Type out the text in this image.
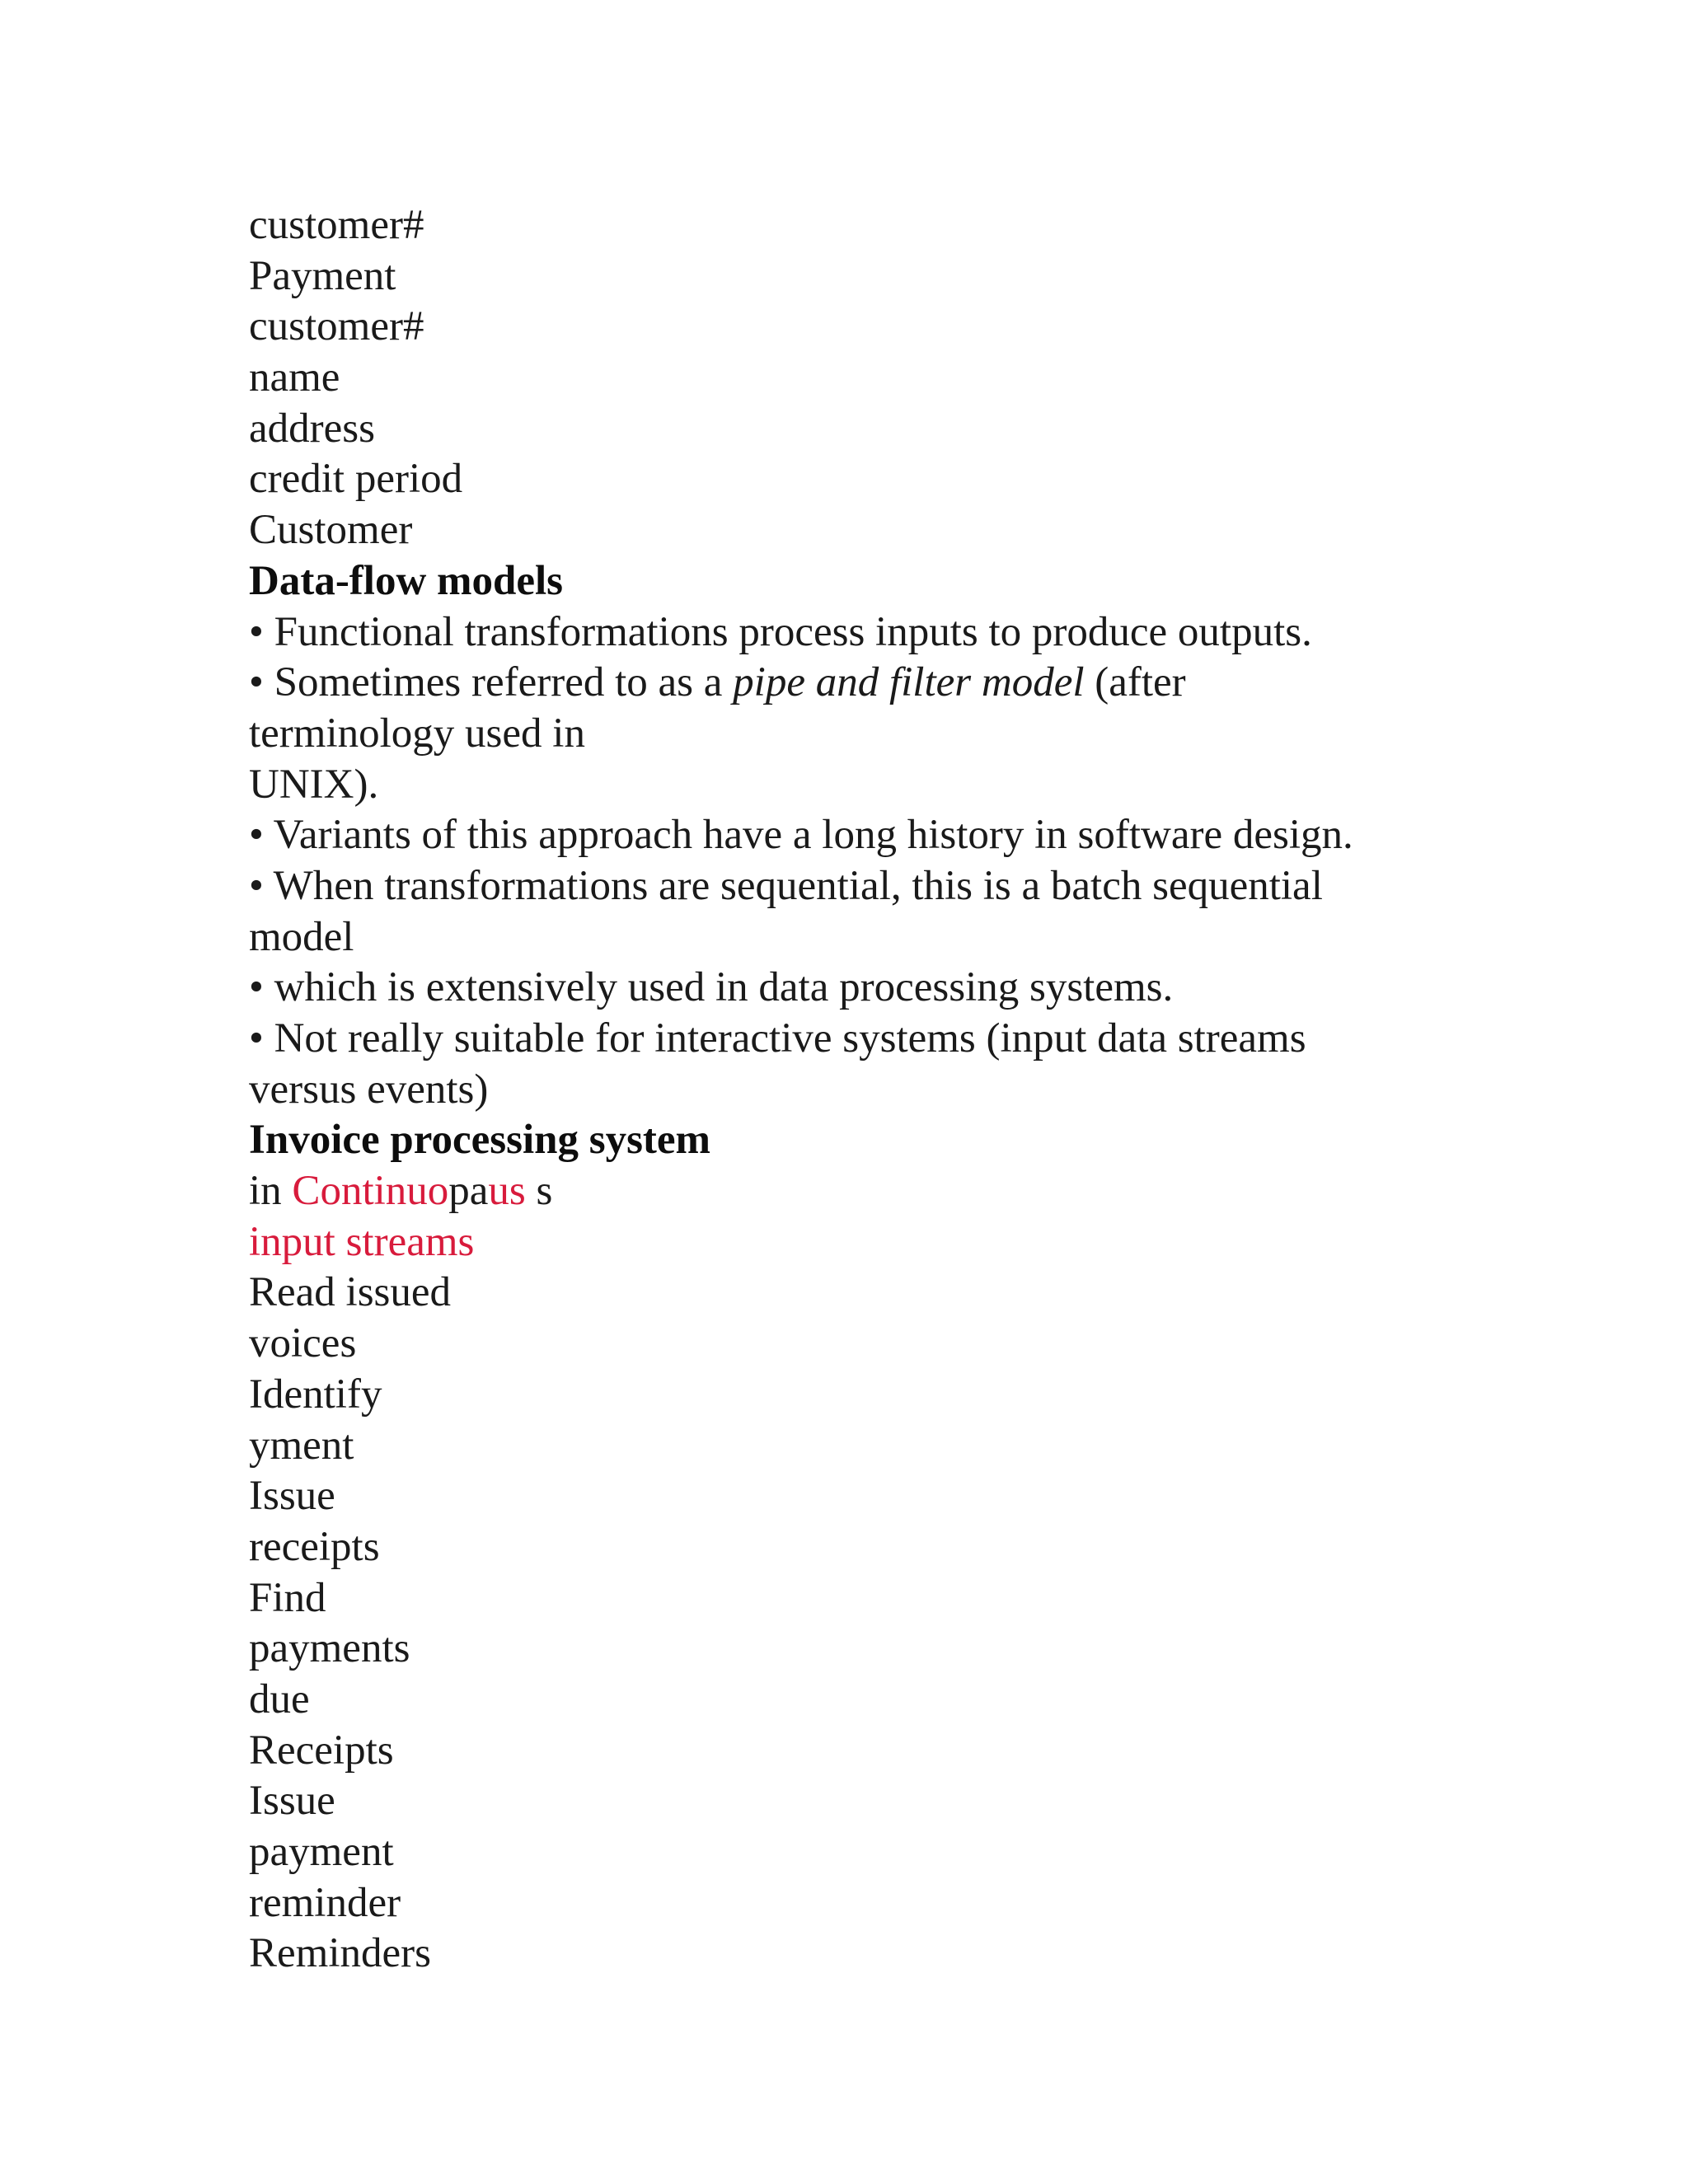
customer#
Payment
customer#
name
address
credit period
Customer
Data-flow models
• Functional transformations process inputs to produce outputs.
• Sometimes referred to as a pipe and filter model (after
terminology used in
UNIX).
• Variants of this approach have a long history in software design.
• When transformations are sequential, this is a batch sequential
model
• which is extensively used in data processing systems.
• Not really suitable for interactive systems (input data streams
versus events)
Invoice processing system
in Continuopaus s
input streams
Read issued
voices
Identify
yment
Issue
receipts
Find
payments
due
Receipts
Issue
payment
reminder
Reminders
